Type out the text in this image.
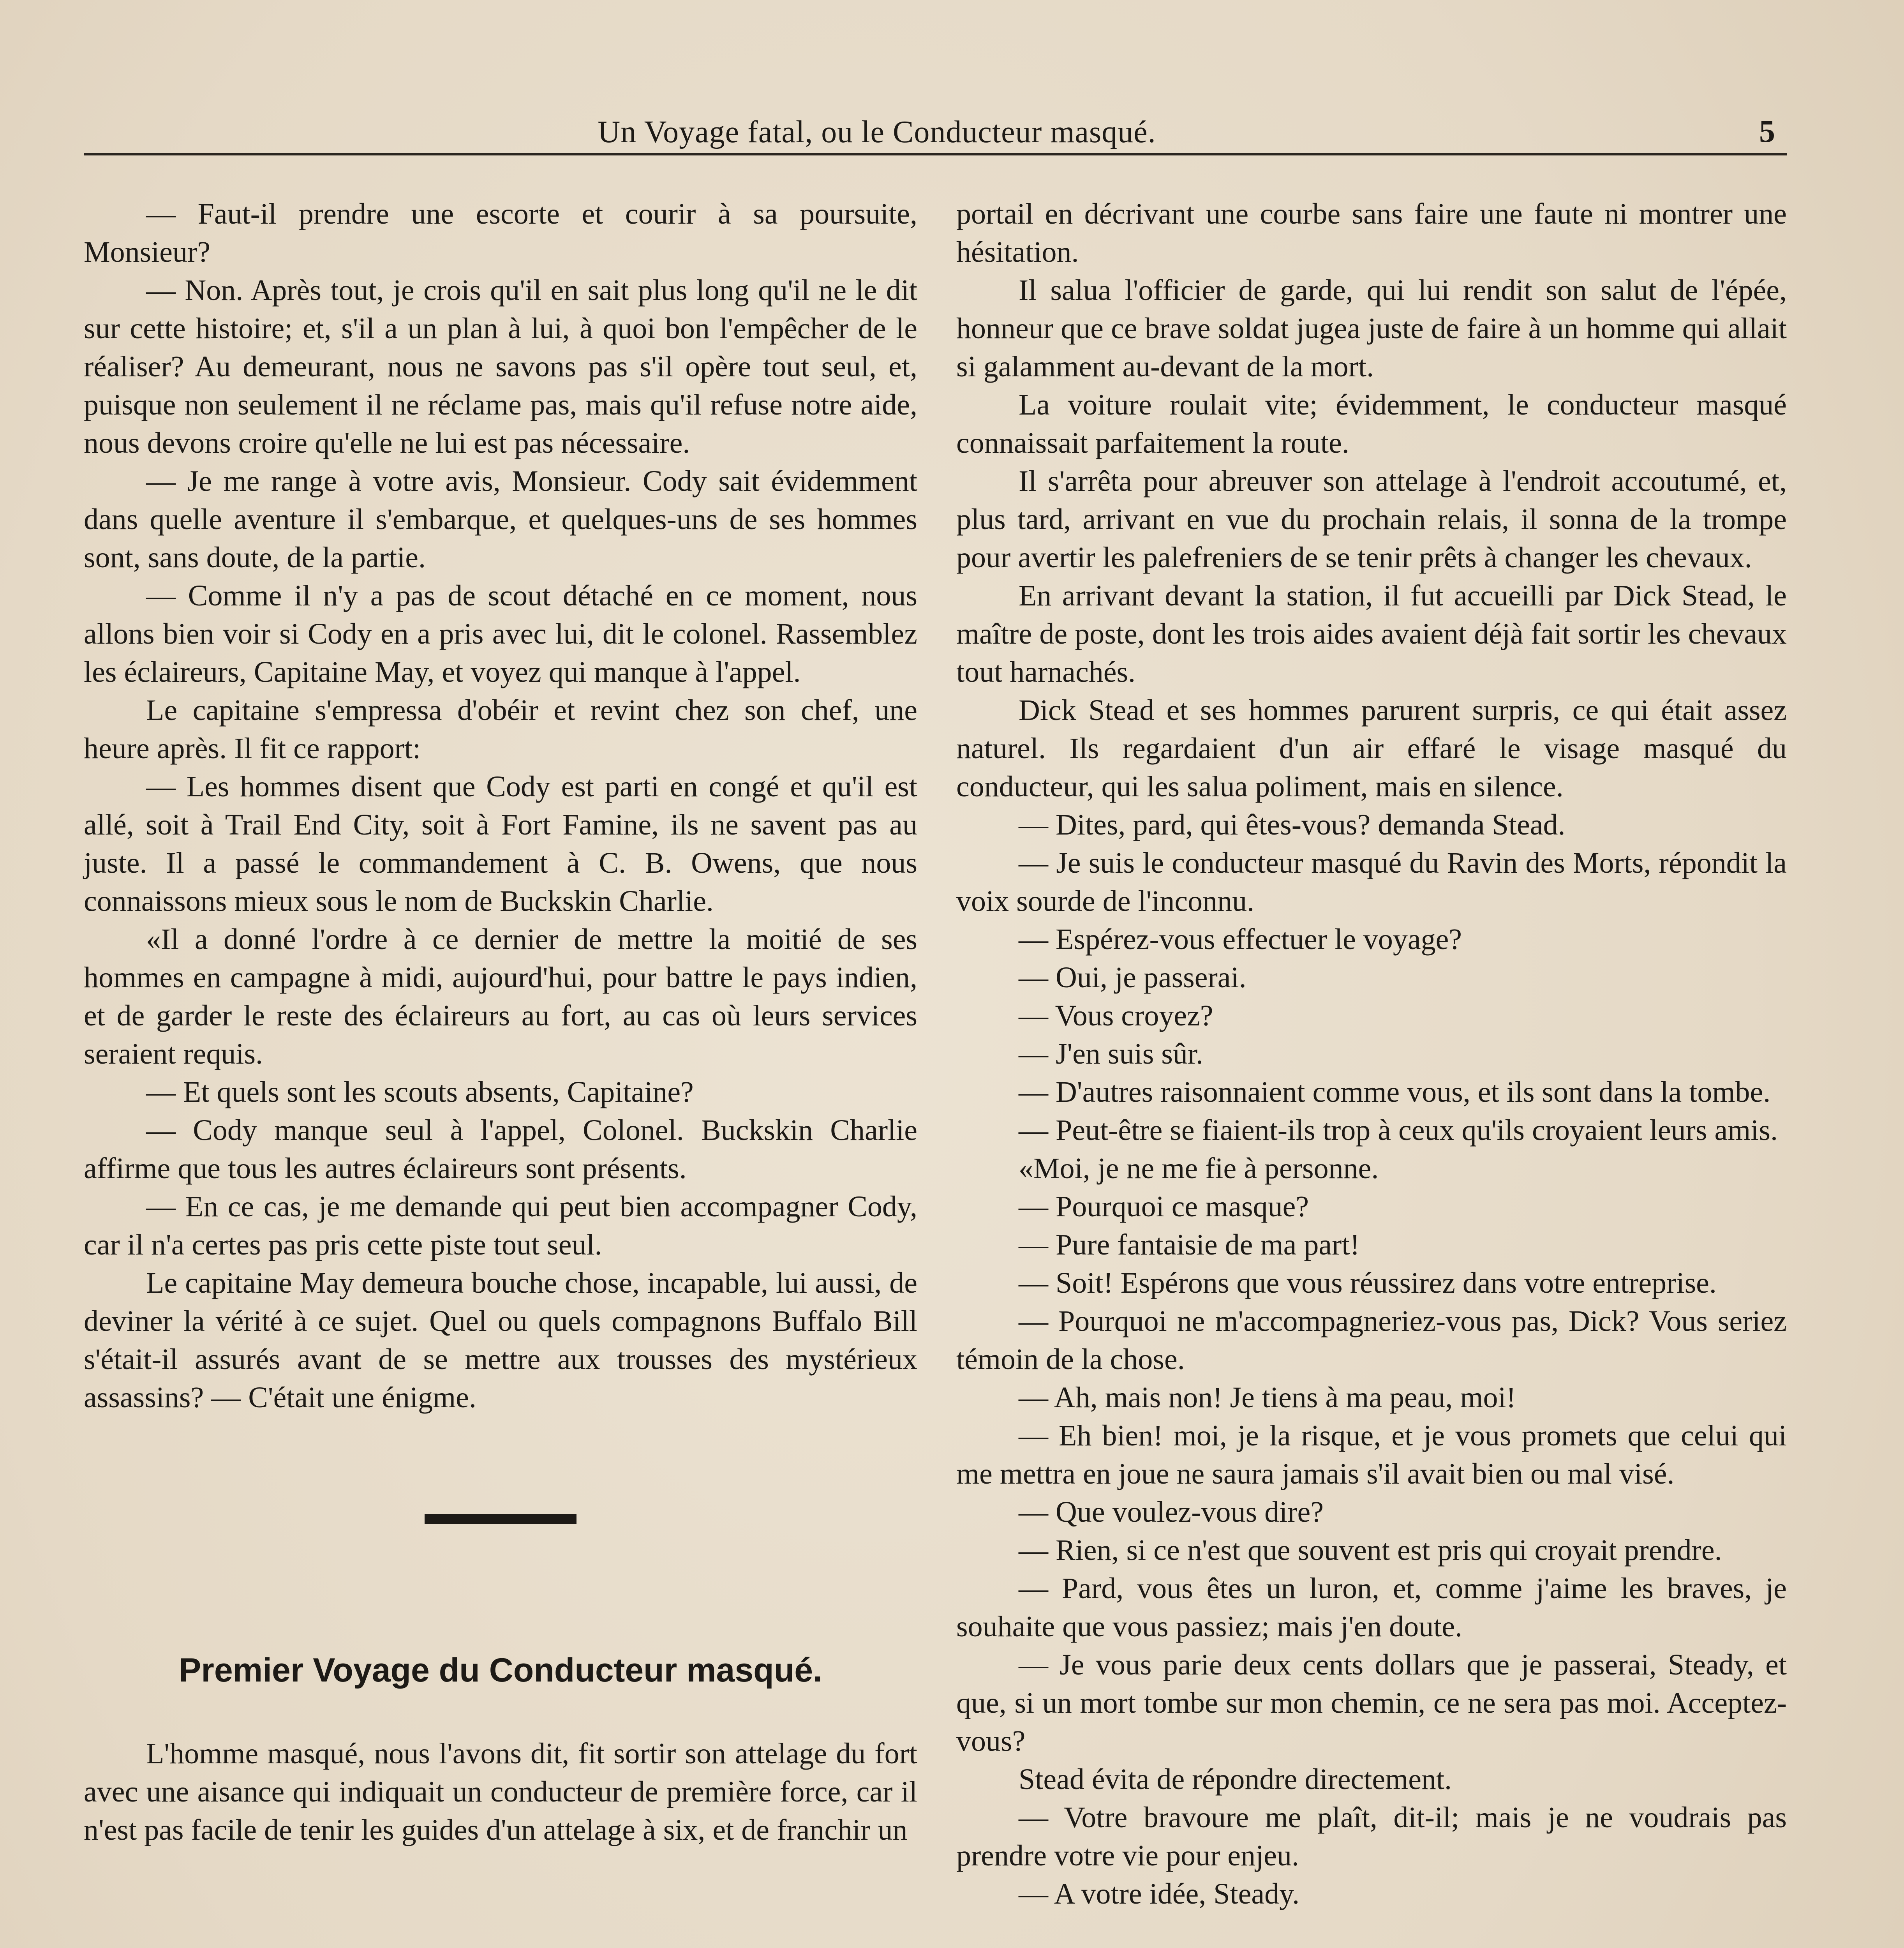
Un Voyage fatal, ou le Conducteur masqué.	5

— Faut-il prendre une escorte et courir à sa poursuite, Monsieur?

— Non. Après tout, je crois qu'il en sait plus long qu'il ne le dit sur cette histoire; et, s'il a un plan à lui, à quoi bon l'empêcher de le réaliser? Au demeurant, nous ne savons pas s'il opère tout seul, et, puisque non seulement il ne réclame pas, mais qu'il refuse notre aide, nous devons croire qu'elle ne lui est pas nécessaire.

— Je me range à votre avis, Monsieur. Cody sait évidemment dans quelle aventure il s'embarque, et quelques-uns de ses hommes sont, sans doute, de la partie.

— Comme il n'y a pas de scout détaché en ce moment, nous allons bien voir si Cody en a pris avec lui, dit le colonel. Rassemblez les éclaireurs, Capitaine May, et voyez qui manque à l'appel.

Le capitaine s'empressa d'obéir et revint chez son chef, une heure après. Il fit ce rapport:

— Les hommes disent que Cody est parti en congé et qu'il est allé, soit à Trail End City, soit à Fort Famine, ils ne savent pas au juste. Il a passé le commandement à C. B. Owens, que nous connaissons mieux sous le nom de Buckskin Charlie.

«Il a donné l'ordre à ce dernier de mettre la moitié de ses hommes en campagne à midi, aujourd'hui, pour battre le pays indien, et de garder le reste des éclaireurs au fort, au cas où leurs services seraient requis.

— Et quels sont les scouts absents, Capitaine?

— Cody manque seul à l'appel, Colonel. Buckskin Charlie affirme que tous les autres éclaireurs sont présents.

— En ce cas, je me demande qui peut bien accompagner Cody, car il n'a certes pas pris cette piste tout seul.

Le capitaine May demeura bouche chose, incapable, lui aussi, de deviner la vérité à ce sujet. Quel ou quels compagnons Buffalo Bill s'était-il assurés avant de se mettre aux trousses des mystérieux assassins? — C'était une énigme.

Premier Voyage du Conducteur masqué.

L'homme masqué, nous l'avons dit, fit sortir son attelage du fort avec une aisance qui indiquait un conducteur de première force, car il n'est pas facile de tenir les guides d'un attelage à six, et de franchir un

portail en décrivant une courbe sans faire une faute ni montrer une hésitation.

Il salua l'officier de garde, qui lui rendit son salut de l'épée, honneur que ce brave soldat jugea juste de faire à un homme qui allait si galamment au-devant de la mort.

La voiture roulait vite; évidemment, le conducteur masqué connaissait parfaitement la route.

Il s'arrêta pour abreuver son attelage à l'endroit accoutumé, et, plus tard, arrivant en vue du prochain relais, il sonna de la trompe pour avertir les palefreniers de se tenir prêts à changer les chevaux.

En arrivant devant la station, il fut accueilli par Dick Stead, le maître de poste, dont les trois aides avaient déjà fait sortir les chevaux tout harnachés.

Dick Stead et ses hommes parurent surpris, ce qui était assez naturel. Ils regardaient d'un air effaré le visage masqué du conducteur, qui les salua poliment, mais en silence.

— Dites, pard, qui êtes-vous? demanda Stead.

— Je suis le conducteur masqué du Ravin des Morts, répondit la voix sourde de l'inconnu.

— Espérez-vous effectuer le voyage?

— Oui, je passerai.

— Vous croyez?

— J'en suis sûr.

— D'autres raisonnaient comme vous, et ils sont dans la tombe.

— Peut-être se fiaient-ils trop à ceux qu'ils croyaient leurs amis.

«Moi, je ne me fie à personne.

— Pourquoi ce masque?

— Pure fantaisie de ma part!

— Soit! Espérons que vous réussirez dans votre entreprise.

— Pourquoi ne m'accompagneriez-vous pas, Dick? Vous seriez témoin de la chose.

— Ah, mais non! Je tiens à ma peau, moi!

— Eh bien! moi, je la risque, et je vous promets que celui qui me mettra en joue ne saura jamais s'il avait bien ou mal visé.

— Que voulez-vous dire?

— Rien, si ce n'est que souvent est pris qui croyait prendre.

— Pard, vous êtes un luron, et, comme j'aime les braves, je souhaite que vous passiez; mais j'en doute.

— Je vous parie deux cents dollars que je passerai, Steady, et que, si un mort tombe sur mon chemin, ce ne sera pas moi. Acceptez-vous?

Stead évita de répondre directement.

— Votre bravoure me plaît, dit-il; mais je ne voudrais pas prendre votre vie pour enjeu.

— A votre idée, Steady.
